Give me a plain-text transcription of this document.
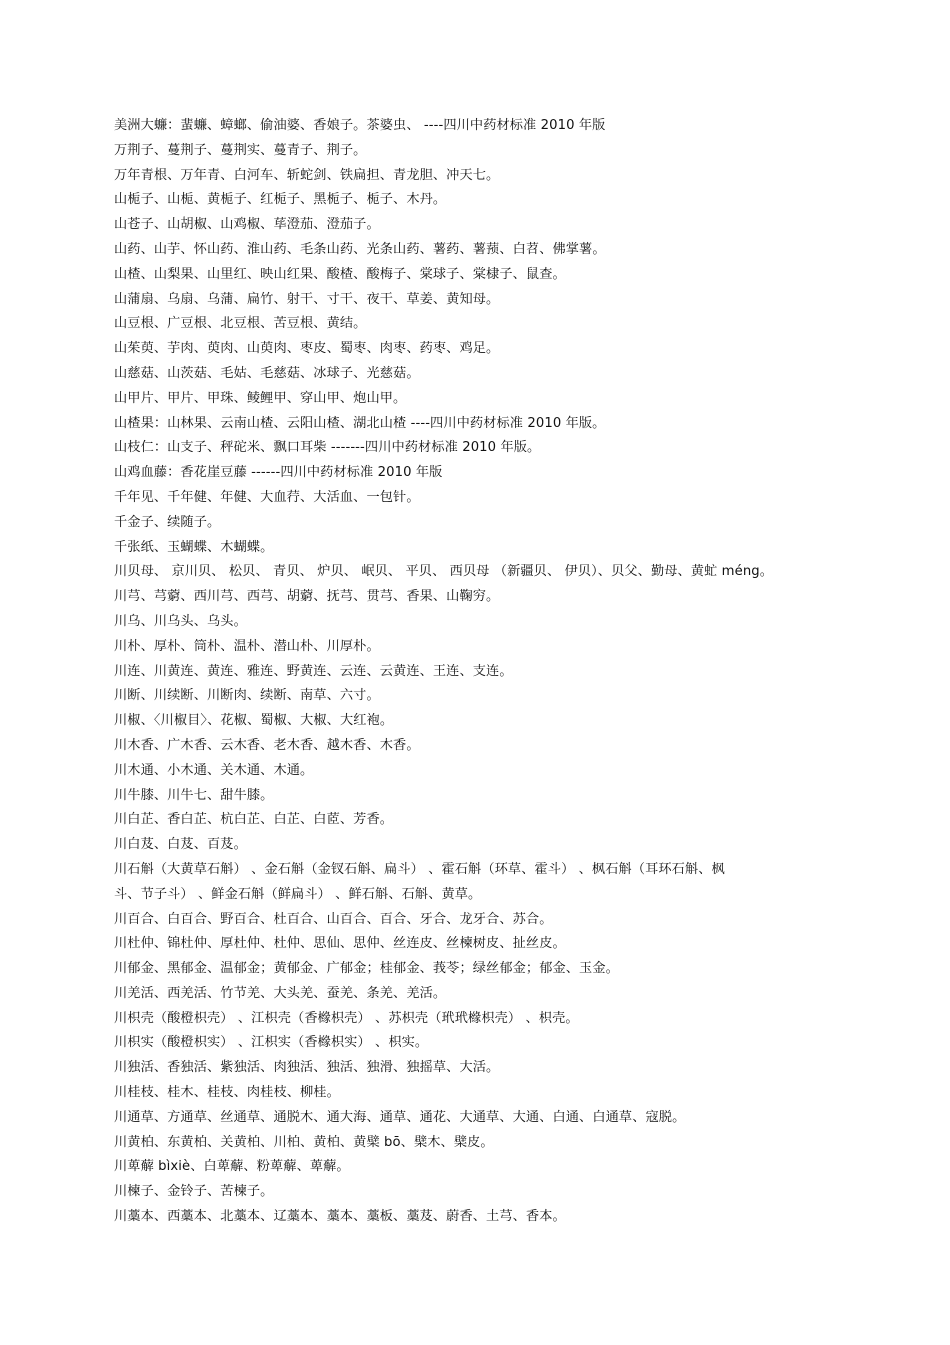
美洲大蠊：蜚蠊、蟑螂、偷油婆、香娘子。茶婆虫、 ----四川中药材标准 2010 年版
万荆子、蔓荆子、蔓荆实、蔓青子、荆子。
万年青根、万年青、白河车、斩蛇剑、铁扁担、青龙胆、冲天七。
山栀子、山栀、黄栀子、红栀子、黑栀子、栀子、木丹。
山苍子、山胡椒、山鸡椒、荜澄茄、澄茄子。
山药、山芋、怀山药、淮山药、毛条山药、光条山药、薯药、薯蓣、白苕、佛掌薯。
山楂、山梨果、山里红、映山红果、酸楂、酸梅子、棠球子、棠棣子、鼠查。
山蒲扇、乌扇、乌蒲、扁竹、射干、寸干、夜干、草姜、黄知母。
山豆根、广豆根、北豆根、苦豆根、黄结。
山茱萸、芋肉、萸肉、山萸肉、枣皮、蜀枣、肉枣、药枣、鸡足。
山慈菇、山茨菇、毛姑、毛慈菇、冰球子、光慈菇。
山甲片、甲片、甲珠、鲮鲤甲、穿山甲、炮山甲。
山楂果：山林果、云南山楂、云阳山楂、湖北山楂 ----四川中药材标准 2010 年版。
山枝仁：山支子、秤砣米、飘口耳柴 -------四川中药材标准 2010 年版。
山鸡血藤：香花崖豆藤 ------四川中药材标准 2010 年版
千年见、千年健、年健、大血荇、大活血、一包针。
千金子、续随子。
千张纸、玉蝴蝶、木蝴蝶。
川贝母、 京川贝、 松贝、 青贝、 炉贝、 岷贝、 平贝、 西贝母 （新疆贝、 伊贝）、贝父、勤母、黄虻 méng。
川芎、芎藭、西川芎、西芎、胡藭、抚芎、贯芎、香果、山鞠穷。
川乌、川乌头、乌头。
川朴、厚朴、筒朴、温朴、潜山朴、川厚朴。
川连、川黄连、黄连、雅连、野黄连、云连、云黄连、王连、支连。
川断、川续断、川断肉、续断、南草、六寸。
川椒、〈川椒目〉、花椒、蜀椒、大椒、大红袍。
川木香、广木香、云木香、老木香、越木香、木香。
川木通、小木通、关木通、木通。
川牛膝、川牛七、甜牛膝。
川白芷、香白芷、杭白芷、白芷、白茝、芳香。
川白芨、白芨、百芨。
川石斛（大黄草石斛） 、金石斛（金钗石斛、扁斗） 、霍石斛（环草、霍斗） 、枫石斛（耳环石斛、枫
斗、节子斗） 、鲜金石斛（鲜扁斗） 、鲜石斛、石斛、黄草。
川百合、白百合、野百合、杜百合、山百合、百合、牙合、龙牙合、苏合。
川杜仲、锦杜仲、厚杜仲、杜仲、思仙、思仲、丝连皮、丝楝树皮、扯丝皮。
川郁金、黑郁金、温郁金；黄郁金、广郁金；桂郁金、莪苓；绿丝郁金；郁金、玉金。
川羌活、西羌活、竹节羌、大头羌、蚕羌、条羌、羌活。
川枳壳（酸橙枳壳） 、江枳壳（香橼枳壳） 、苏枳壳（玳玳橼枳壳） 、枳壳。
川枳实（酸橙枳实） 、江枳实（香橼枳实） 、枳实。
川独活、香独活、紫独活、肉独活、独活、独滑、独摇草、大活。
川桂枝、桂木、桂枝、肉桂枝、柳桂。
川通草、方通草、丝通草、通脱木、通大海、通草、通花、大通草、大通、白通、白通草、寇脱。
川黄柏、东黄柏、关黄柏、川柏、黄柏、黄檗 bō、檗木、檗皮。
川萆薢 bìxiè、白萆薢、粉萆薢、萆薢。
川楝子、金铃子、苦楝子。
川藁本、西藁本、北藁本、辽藁本、藁本、藁板、藁芨、蔚香、土芎、香本。
